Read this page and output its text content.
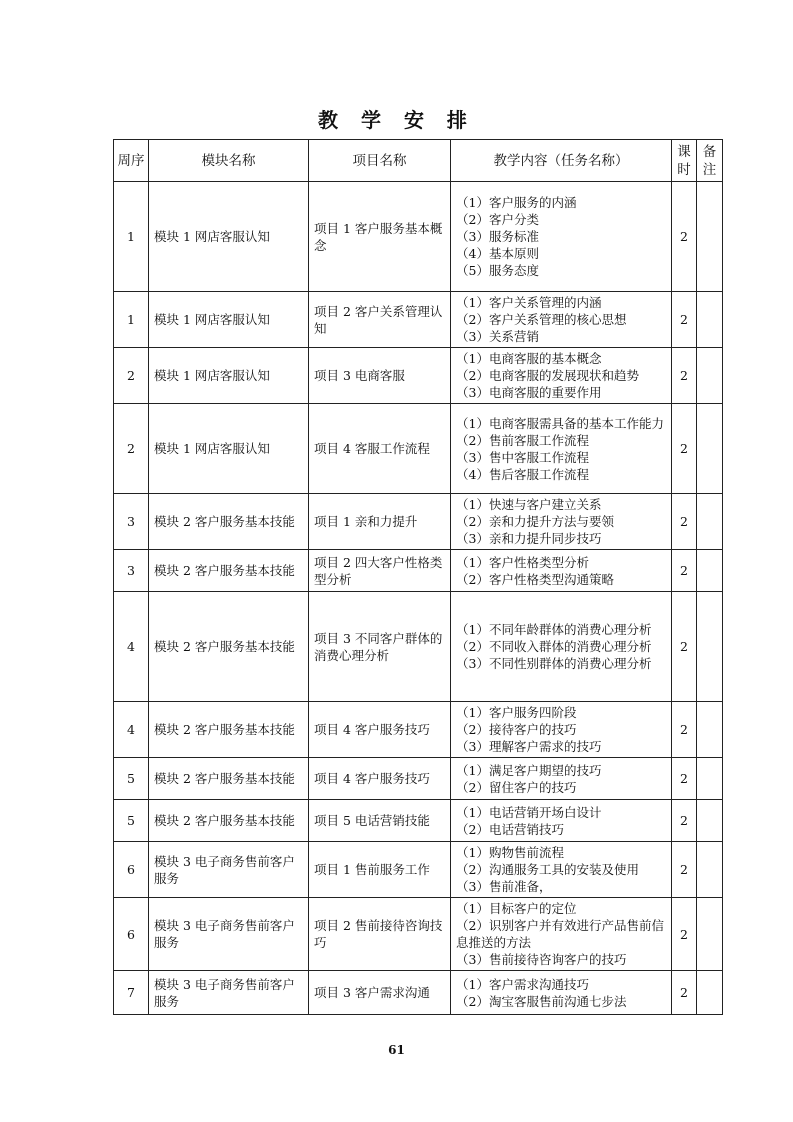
教 学 安 排
周序	模块名称	项目名称	教学内容（任务名称）	课时	备注
1	模块 1 网店客服认知	项目 1 客户服务基本概念	（1）客户服务的内涵
（2）客户分类
（3）服务标准
（4）基本原则
（5）服务态度	2	
1	模块 1 网店客服认知	项目 2 客户关系管理认知	（1）客户关系管理的内涵
（2）客户关系管理的核心思想
（3）关系营销	2	
2	模块 1 网店客服认知	项目 3 电商客服	（1）电商客服的基本概念
（2）电商客服的发展现状和趋势
（3）电商客服的重要作用	2	
2	模块 1 网店客服认知	项目 4 客服工作流程	（1）电商客服需具备的基本工作能力
（2）售前客服工作流程
（3）售中客服工作流程
（4）售后客服工作流程	2	
3	模块 2 客户服务基本技能	项目 1 亲和力提升	（1）快速与客户建立关系
（2）亲和力提升方法与要领
（3）亲和力提升同步技巧	2	
3	模块 2 客户服务基本技能	项目 2 四大客户性格类型分析	（1）客户性格类型分析
（2）客户性格类型沟通策略	2	
4	模块 2 客户服务基本技能	项目 3 不同客户群体的消费心理分析	（1）不同年龄群体的消费心理分析
（2）不同收入群体的消费心理分析
（3）不同性别群体的消费心理分析	2	
4	模块 2 客户服务基本技能	项目 4 客户服务技巧	（1）客户服务四阶段
（2）接待客户的技巧
（3）理解客户需求的技巧	2	
5	模块 2 客户服务基本技能	项目 4 客户服务技巧	（1）满足客户期望的技巧
（2）留住客户的技巧	2	
5	模块 2 客户服务基本技能	项目 5 电话营销技能	（1）电话营销开场白设计
（2）电话营销技巧	2	
6	模块 3 电子商务售前客户服务	项目 1 售前服务工作	（1）购物售前流程
（2）沟通服务工具的安装及使用
（3）售前准备，	2	
6	模块 3 电子商务售前客户服务	项目 2 售前接待咨询技巧	（1）目标客户的定位
（2）识别客户并有效进行产品售前信息推送的方法
（3）售前接待咨询客户的技巧	2	
7	模块 3 电子商务售前客户服务	项目 3 客户需求沟通	（1）客户需求沟通技巧
（2）淘宝客服售前沟通七步法	2	
61
